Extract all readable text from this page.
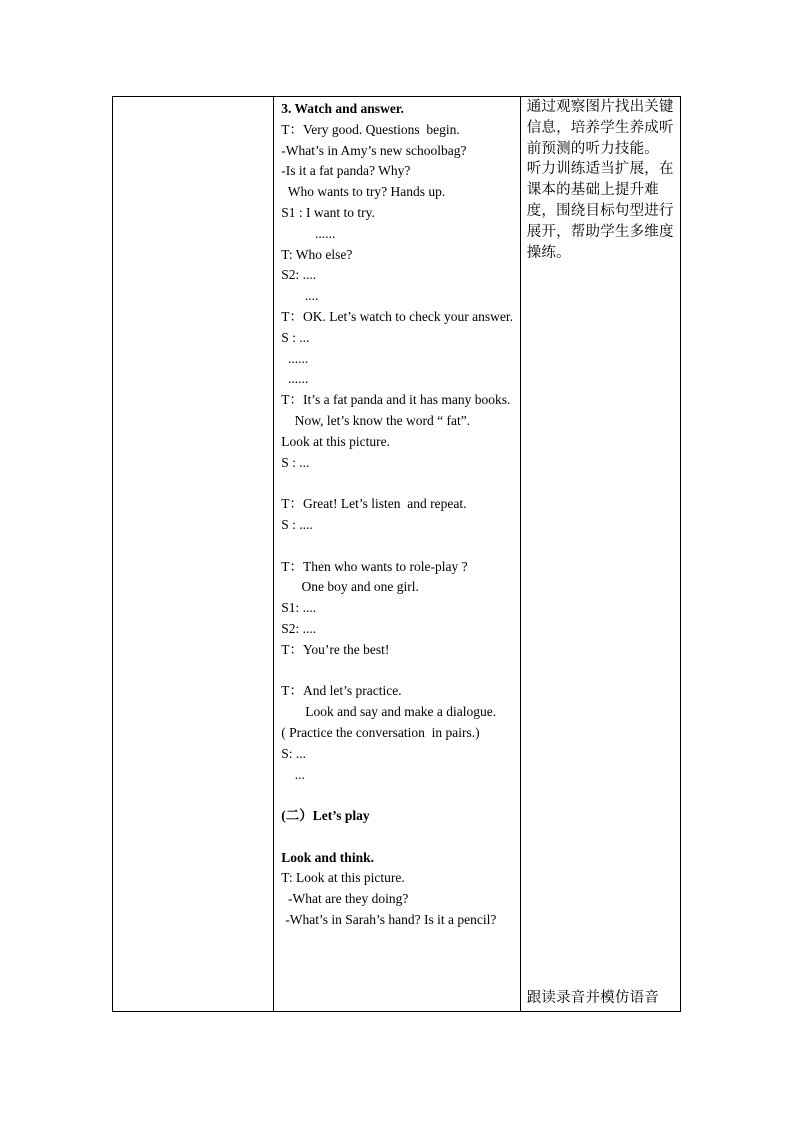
3. Watch and answer.
T：Very good. Questions  begin.
-What’s in Amy’s new schoolbag?
-Is it a fat panda? Why?
Who wants to try? Hands up.
S1 : I want to try.
......
T: Who else?
S2: ....
....
T：OK. Let’s watch to check your answer.
S : ...
......
......
T：It’s a fat panda and it has many books.
Now, let’s know the word “ fat”.
Look at this picture.
S : ...
T：Great! Let’s listen  and repeat.
S : ....
T：Then who wants to role-play ?
One boy and one girl.
S1: ....
S2: ....
T：You’re the best!
T：And let’s practice.
Look and say and make a dialogue.
( Practice the conversation  in pairs.)
S: ...
...
(二）Let’s play
Look and think.
T: Look at this picture.
-What are they doing?
-What’s in Sarah’s hand? Is it a pencil?

通过观察图片找出关键信息，培养学生养成听前预测的听力技能。
听力训练适当扩展，在课本的基础上提升难度，围绕目标句型进行展开，帮助学生多维度操练。
跟读录音并模仿语音
